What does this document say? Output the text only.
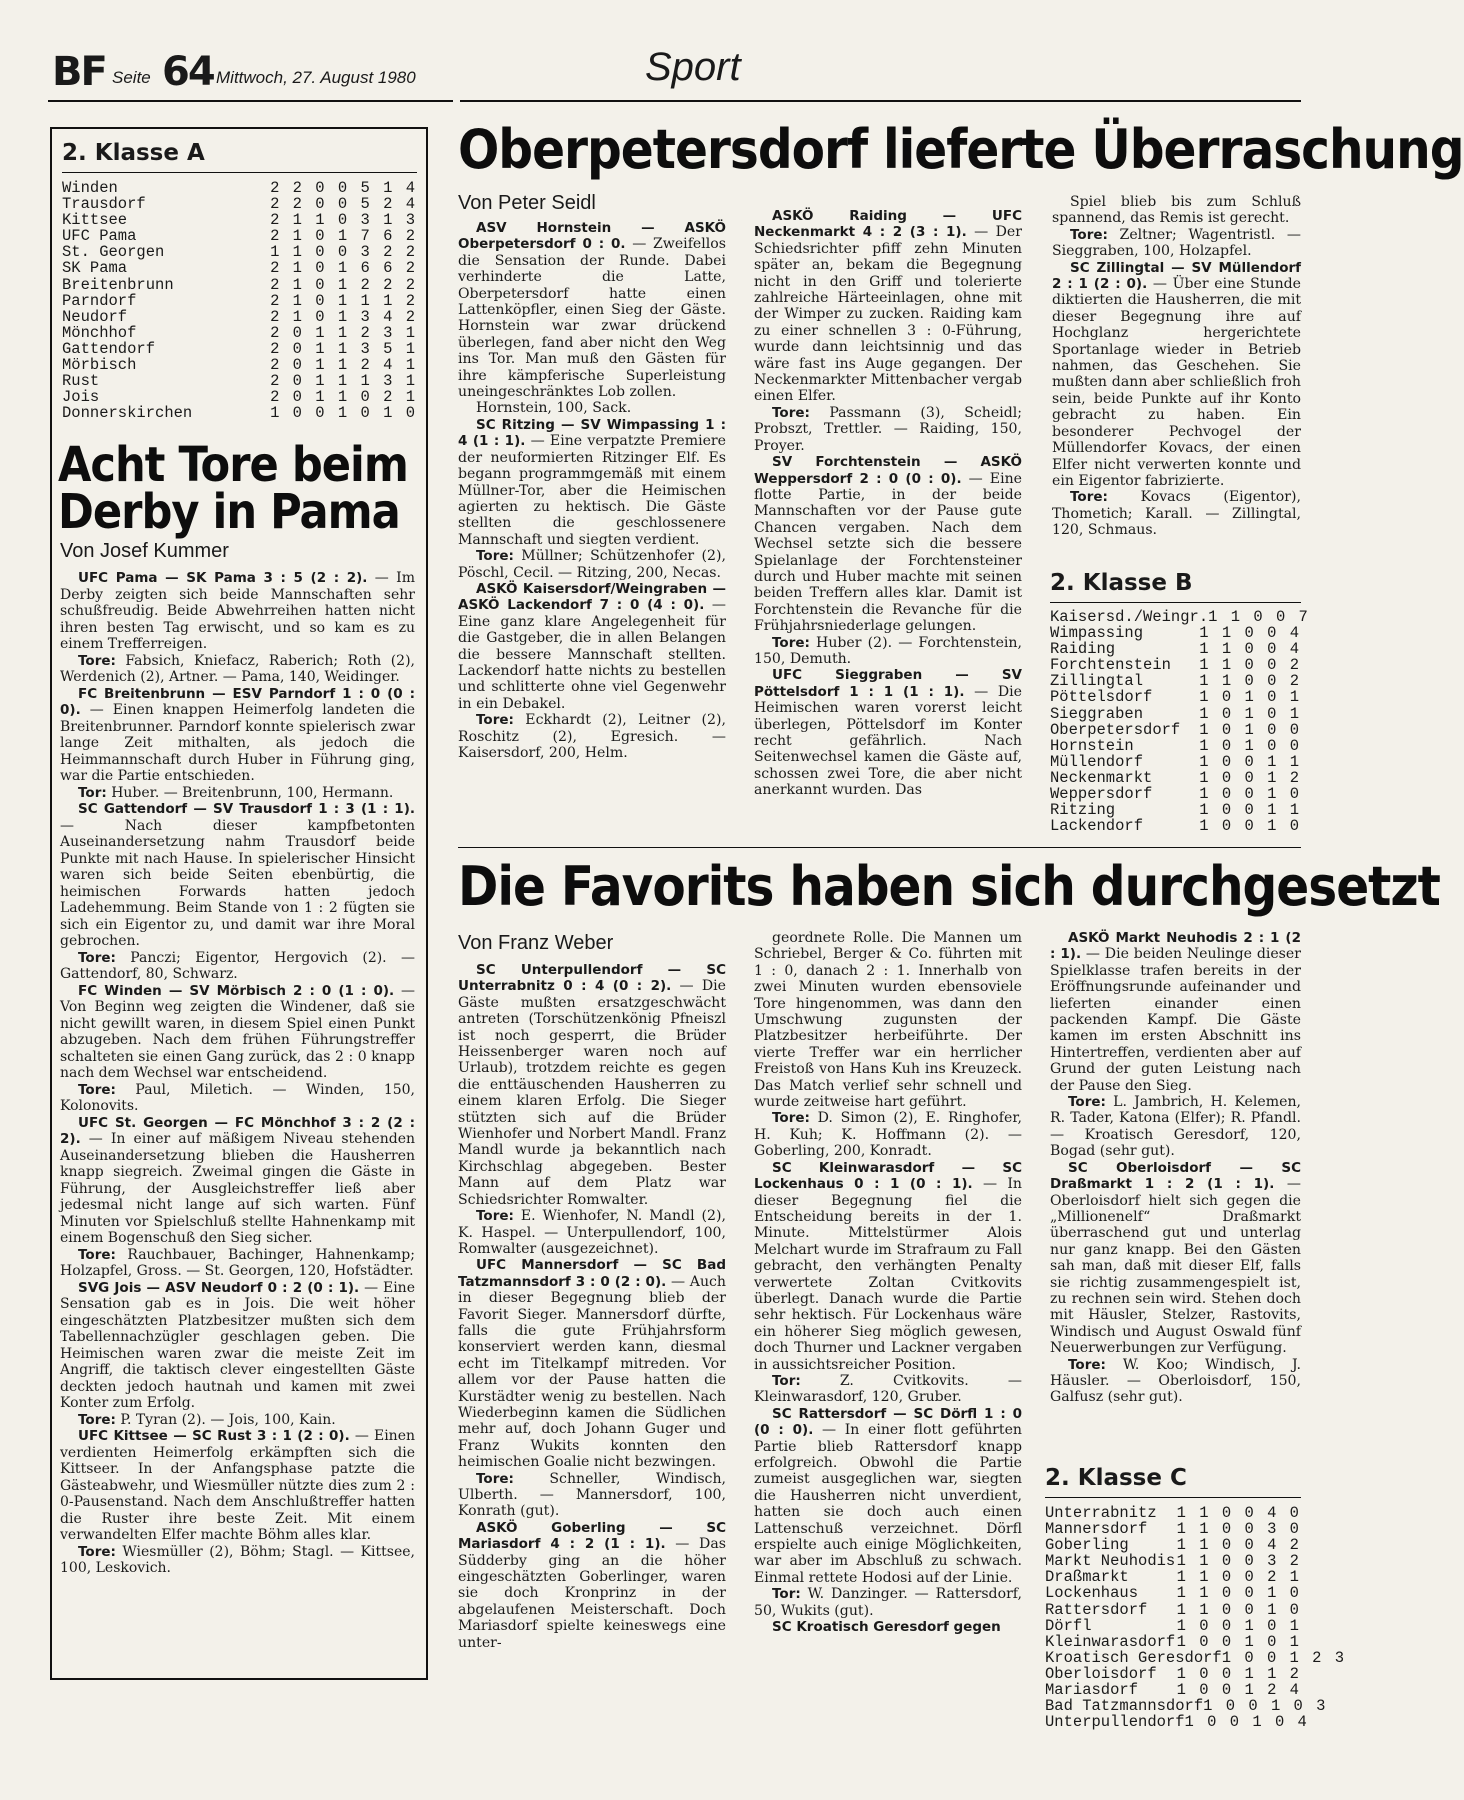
BF Seite 64 Mittwoch, 27. August 1980	Sport
2. Klasse A
Winden	2 2 0 0 5 1 4
Trausdorf	2 2 0 0 5 2 4
Kittsee	2 1 1 0 3 1 3
UFC Pama	2 1 0 1 7 6 2
St. Georgen	1 1 0 0 3 2 2
SK Pama	2 1 0 1 6 6 2
Breitenbrunn	2 1 0 1 2 2 2
Parndorf	2 1 0 1 1 1 2
Neudorf	2 1 0 1 3 4 2
Mönchhof	2 0 1 1 2 3 1
Gattendorf	2 0 1 1 3 5 1
Mörbisch	2 0 1 1 2 4 1
Rust	2 0 1 1 1 3 1
Jois	2 0 1 1 0 2 1
Donnerskirchen	1 0 0 1 0 1 0
Acht Tore beim
Derby in Pama
Von Josef Kummer

UFC Pama — SK Pama 3 : 5 (2 : 2). — Im Derby zeigten sich beide Mannschaften sehr schußfreudig. Beide Abwehrreihen hatten nicht ihren besten Tag erwischt, und so kam es zu einem Trefferreigen.

Tore: Fabsich, Kniefacz, Raberich; Roth (2), Werdenich (2), Artner. — Pama, 140, Weidinger.

FC Breitenbrunn — ESV Parndorf 1 : 0 (0 : 0). — Einen knappen Heimerfolg landeten die Breitenbrunner. Parndorf konnte spielerisch zwar lange Zeit mithalten, als jedoch die Heimmannschaft durch Huber in Führung ging, war die Partie entschieden.

Tor: Huber. — Breitenbrunn, 100, Hermann.

SC Gattendorf — SV Trausdorf 1 : 3 (1 : 1). — Nach dieser kampfbetonten Auseinandersetzung nahm Trausdorf beide Punkte mit nach Hause. In spielerischer Hinsicht waren sich beide Seiten ebenbürtig, die heimischen Forwards hatten jedoch Ladehemmung. Beim Stande von 1 : 2 fügten sie sich ein Eigentor zu, und damit war ihre Moral gebrochen.

Tore: Panczi; Eigentor, Hergovich (2). — Gattendorf, 80, Schwarz.

FC Winden — SV Mörbisch 2 : 0 (1 : 0). — Von Beginn weg zeigten die Windener, daß sie nicht gewillt waren, in diesem Spiel einen Punkt abzugeben. Nach dem frühen Führungstreffer schalteten sie einen Gang zurück, das 2 : 0 knapp nach dem Wechsel war entscheidend.

Tore: Paul, Miletich. — Winden, 150, Kolonovits.

UFC St. Georgen — FC Mönchhof 3 : 2 (2 : 2). — In einer auf mäßigem Niveau stehenden Auseinandersetzung blieben die Hausherren knapp siegreich. Zweimal gingen die Gäste in Führung, der Ausgleichstreffer ließ aber jedesmal nicht lange auf sich warten. Fünf Minuten vor Spielschluß stellte Hahnenkamp mit einem Bogenschuß den Sieg sicher.

Tore: Rauchbauer, Bachinger, Hahnenkamp; Holzapfel, Gross. — St. Georgen, 120, Hofstädter.

SVG Jois — ASV Neudorf 0 : 2 (0 : 1). — Eine Sensation gab es in Jois. Die weit höher eingeschätzten Platzbesitzer mußten sich dem Tabellennachzügler geschlagen geben. Die Heimischen waren zwar die meiste Zeit im Angriff, die taktisch clever eingestellten Gäste deckten jedoch hautnah und kamen mit zwei Konter zum Erfolg.

Tore: P. Tyran (2). — Jois, 100, Kain.

UFC Kittsee — SC Rust 3 : 1 (2 : 0). — Einen verdienten Heimerfolg erkämpften sich die Kittseer. In der Anfangsphase patzte die Gästeabwehr, und Wiesmüller nützte dies zum 2 : 0-Pausenstand. Nach dem Anschlußtreffer hatten die Ruster ihre beste Zeit. Mit einem verwandelten Elfer machte Böhm alles klar.

Tore: Wiesmüller (2), Böhm; Stagl. — Kittsee, 100, Leskovich.

Oberpetersdorf lieferte Überraschung
Von Peter Seidl

ASV Hornstein — ASKÖ Oberpetersdorf 0 : 0. — Zweifellos die Sensation der Runde. Dabei verhinderte die Latte, Oberpetersdorf hatte einen Lattenköpfler, einen Sieg der Gäste. Hornstein war zwar drückend überlegen, fand aber nicht den Weg ins Tor. Man muß den Gästen für ihre kämpferische Superleistung uneingeschränktes Lob zollen.

Hornstein, 100, Sack.

SC Ritzing — SV Wimpassing 1 : 4 (1 : 1). — Eine verpatzte Premiere der neuformierten Ritzinger Elf. Es begann programmgemäß mit einem Müllner-Tor, aber die Heimischen agierten zu hektisch. Die Gäste stellten die geschlossenere Mannschaft und siegten verdient.

Tore: Müllner; Schützenhofer (2), Pöschl, Cecil. — Ritzing, 200, Necas.

ASKÖ Kaisersdorf/Weingraben — ASKÖ Lackendorf 7 : 0 (4 : 0). — Eine ganz klare Angelegenheit für die Gastgeber, die in allen Belangen die bessere Mannschaft stellten. Lackendorf hatte nichts zu bestellen und schlitterte ohne viel Gegenwehr in ein Debakel.

Tore: Eckhardt (2), Leitner (2), Roschitz (2), Egresich. — Kaisersdorf, 200, Helm.

ASKÖ Raiding — UFC Neckenmarkt 4 : 2 (3 : 1). — Der Schiedsrichter pfiff zehn Minuten später an, bekam die Begegnung nicht in den Griff und tolerierte zahlreiche Härteeinlagen, ohne mit der Wimper zu zucken. Raiding kam zu einer schnellen 3 : 0-Führung, wurde dann leichtsinnig und das wäre fast ins Auge gegangen. Der Neckenmarkter Mittenbacher vergab einen Elfer.

Tore: Passmann (3), Scheidl; Probszt, Trettler. — Raiding, 150, Proyer.

SV Forchtenstein — ASKÖ Weppersdorf 2 : 0 (0 : 0). — Eine flotte Partie, in der beide Mannschaften vor der Pause gute Chancen vergaben. Nach dem Wechsel setzte sich die bessere Spielanlage der Forchtensteiner durch und Huber machte mit seinen beiden Treffern alles klar. Damit ist Forchtenstein die Revanche für die Frühjahrsniederlage gelungen.

Tore: Huber (2). — Forchtenstein, 150, Demuth.

UFC Sieggraben — SV Pöttelsdorf 1 : 1 (1 : 1). — Die Heimischen waren vorerst leicht überlegen, Pöttelsdorf im Konter recht gefährlich. Nach Seitenwechsel kamen die Gäste auf, schossen zwei Tore, die aber nicht anerkannt wurden. Das

Spiel blieb bis zum Schluß spannend, das Remis ist gerecht.

Tore: Zeltner; Wagentristl. — Sieggraben, 100, Holzapfel.

SC Zillingtal — SV Müllendorf 2 : 1 (2 : 0). — Über eine Stunde diktierten die Hausherren, die mit dieser Begegnung ihre auf Hochglanz hergerichtete Sportanlage wieder in Betrieb nahmen, das Geschehen. Sie mußten dann aber schließlich froh sein, beide Punkte auf ihr Konto gebracht zu haben. Ein besonderer Pechvogel der Müllendorfer Kovacs, der einen Elfer nicht verwerten konnte und ein Eigentor fabrizierte.

Tore: Kovacs (Eigentor), Thometich; Karall. — Zillingtal, 120, Schmaus.

2. Klasse B
Kaisersd./Weingr. 1 1 0 0 7
Wimpassing	1 1 0 0 4
Raiding	1 1 0 0 4
Forchtenstein	1 1 0 0 2
Zillingtal	1 1 0 0 2
Pöttelsdorf	1 0 1 0 1
Sieggraben	1 0 1 0 1
Oberpetersdorf	1 0 1 0 0
Hornstein	1 0 1 0 0
Müllendorf	1 0 0 1 1
Neckenmarkt	1 0 0 1 2
Weppersdorf	1 0 0 1 0
Ritzing	1 0 0 1 1
Lackendorf	1 0 0 1 0
Die Favorits haben sich durchgesetzt
Von Franz Weber

SC Unterpullendorf — SC Unterrabnitz 0 : 4 (0 : 2). — Die Gäste mußten ersatzgeschwächt antreten (Torschützenkönig Pfneiszl ist noch gesperrt, die Brüder Heissenberger waren noch auf Urlaub), trotzdem reichte es gegen die enttäuschenden Hausherren zu einem klaren Erfolg. Die Sieger stützten sich auf die Brüder Wienhofer und Norbert Mandl. Franz Mandl wurde ja bekanntlich nach Kirchschlag abgegeben. Bester Mann auf dem Platz war Schiedsrichter Romwalter.

Tore: E. Wienhofer, N. Mandl (2), K. Haspel. — Unterpullendorf, 100, Romwalter (ausgezeichnet).

UFC Mannersdorf — SC Bad Tatzmannsdorf 3 : 0 (2 : 0). — Auch in dieser Begegnung blieb der Favorit Sieger. Mannersdorf dürfte, falls die gute Frühjahrsform konserviert werden kann, diesmal echt im Titelkampf mitreden. Vor allem vor der Pause hatten die Kurstädter wenig zu bestellen. Nach Wiederbeginn kamen die Südlichen mehr auf, doch Johann Guger und Franz Wukits konnten den heimischen Goalie nicht bezwingen.

Tore: Schneller, Windisch, Ulberth. — Mannersdorf, 100, Konrath (gut).

ASKÖ Goberling — SC Mariasdorf 4 : 2 (1 : 1). — Das Südderby ging an die höher eingeschätzten Goberlinger, waren sie doch Kronprinz in der abgelaufenen Meisterschaft. Doch Mariasdorf spielte keineswegs eine unter-

geordnete Rolle. Die Mannen um Schriebel, Berger & Co. führten mit 1 : 0, danach 2 : 1. Innerhalb von zwei Minuten wurden ebensoviele Tore hingenommen, was dann den Umschwung zugunsten der Platzbesitzer herbeiführte. Der vierte Treffer war ein herrlicher Freistoß von Hans Kuh ins Kreuzeck. Das Match verlief sehr schnell und wurde zeitweise hart geführt.

Tore: D. Simon (2), E. Ringhofer, H. Kuh; K. Hoffmann (2). — Goberling, 200, Konradt.

SC Kleinwarasdorf — SC Lockenhaus 0 : 1 (0 : 1). — In dieser Begegnung fiel die Entscheidung bereits in der 1. Minute. Mittelstürmer Alois Melchart wurde im Strafraum zu Fall gebracht, den verhängten Penalty verwertete Zoltan Cvitkovits überlegt. Danach wurde die Partie sehr hektisch. Für Lockenhaus wäre ein höherer Sieg möglich gewesen, doch Thurner und Lackner vergaben in aussichtsreicher Position.

Tor: Z. Cvitkovits. — Kleinwarasdorf, 120, Gruber.

SC Rattersdorf — SC Dörfl 1 : 0 (0 : 0). — In einer flott geführten Partie blieb Rattersdorf knapp erfolgreich. Obwohl die Partie zumeist ausgeglichen war, siegten die Hausherren nicht unverdient, hatten sie doch auch einen Lattenschuß verzeichnet. Dörfl erspielte auch einige Möglichkeiten, war aber im Abschluß zu schwach. Einmal rettete Hodosi auf der Linie.

Tor: W. Danzinger. — Rattersdorf, 50, Wukits (gut).

SC Kroatisch Geresdorf gegen

ASKÖ Markt Neuhodis 2 : 1 (2 : 1). — Die beiden Neulinge dieser Spielklasse trafen bereits in der Eröffnungsrunde aufeinander und lieferten einander einen packenden Kampf. Die Gäste kamen im ersten Abschnitt ins Hintertreffen, verdienten aber auf Grund der guten Leistung nach der Pause den Sieg.

Tore: L. Jambrich, H. Kelemen, R. Tader, Katona (Elfer); R. Pfandl. — Kroatisch Geresdorf, 120, Bogad (sehr gut).

SC Oberloisdorf — SC Draßmarkt 1 : 2 (1 : 1). — Oberloisdorf hielt sich gegen die „Millionenelf“ Draßmarkt überraschend gut und unterlag nur ganz knapp. Bei den Gästen sah man, daß mit dieser Elf, falls sie richtig zusammengespielt ist, zu rechnen sein wird. Stehen doch mit Häusler, Stelzer, Rastovits, Windisch und August Oswald fünf Neuerwerbungen zur Verfügung.

Tore: W. Koo; Windisch, J. Häusler. — Oberloisdorf, 150, Galfusz (sehr gut).

2. Klasse C
Unterrabnitz	1 1 0 0 4 0
Mannersdorf	1 1 0 0 3 0
Goberling	1 1 0 0 4 2
Markt Neuhodis 1 1 0 0 3 2
Draßmarkt	1 1 0 0 2 1
Lockenhaus	1 1 0 0 1 0
Rattersdorf	1 1 0 0 1 0
Dörfl	1 0 0 1 0 1
Kleinwarasdorf 1 0 0 1 0 1
Kroatisch Geresdorf 1 0 0 1 2 3
Oberloisdorf	1 0 0 1 1 2
Mariasdorf	1 0 0 1 2 4
Bad Tatzmannsdorf 1 0 0 1 0 3
Unterpullendorf 1 0 0 1 0 4
